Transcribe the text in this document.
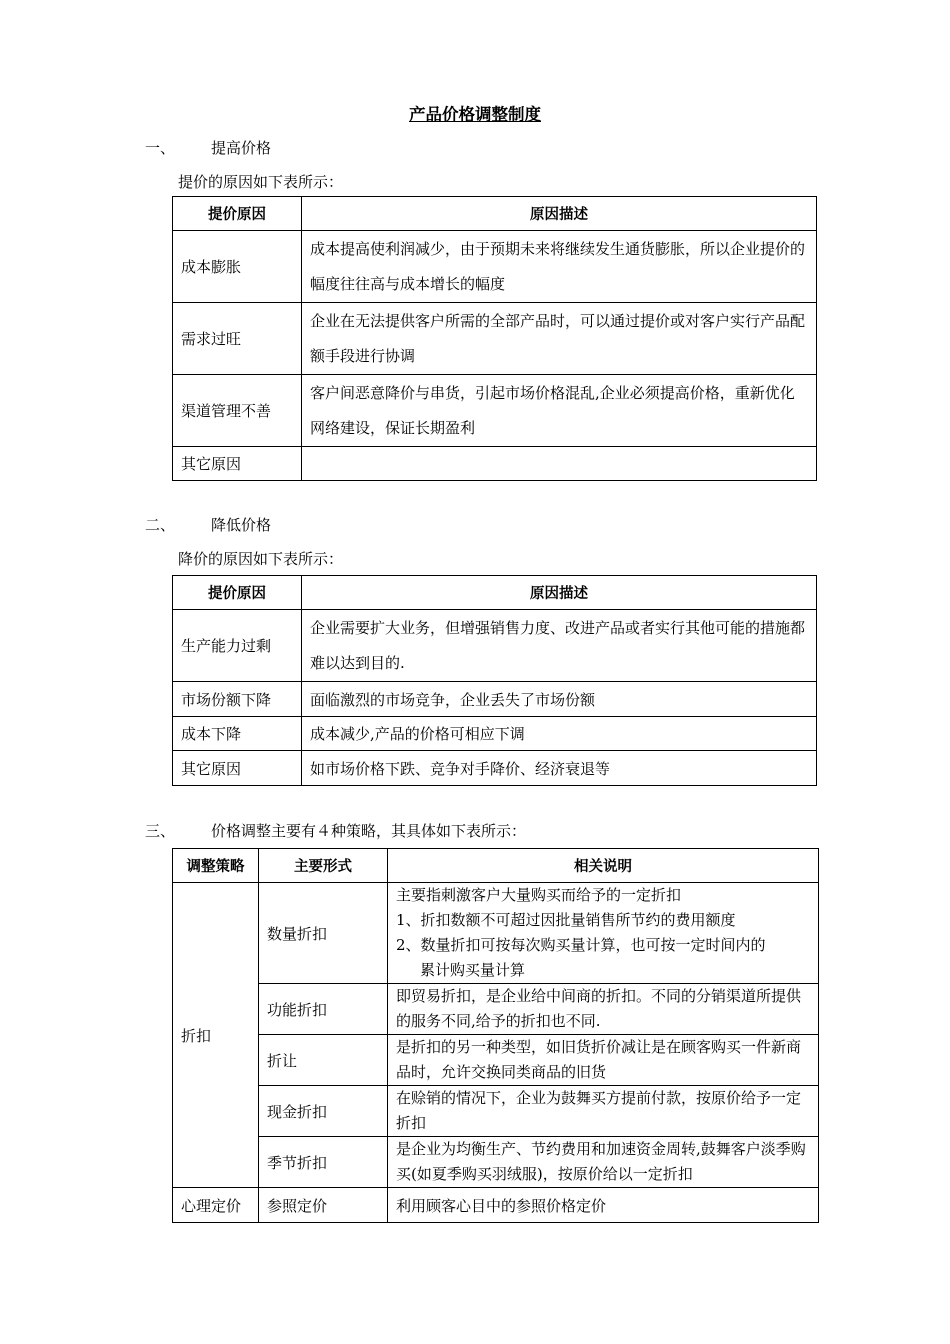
产品价格调整制度
一、 提高价格
提价的原因如下表所示：
提价原因	原因描述
成本膨胀	成本提高使利润减少，由于预期未来将继续发生通货膨胀，所以企业提价的幅度往往高与成本增长的幅度
需求过旺	企业在无法提供客户所需的全部产品时，可以通过提价或对客户实行产品配额手段进行协调
渠道管理不善	客户间恶意降价与串货，引起市场价格混乱,企业必须提高价格，重新优化网络建设，保证长期盈利
其它原因	
二、 降低价格
降价的原因如下表所示：
提价原因	原因描述
生产能力过剩	企业需要扩大业务，但增强销售力度、改进产品或者实行其他可能的措施都难以达到目的.
市场份额下降	面临激烈的市场竞争，企业丢失了市场份额
成本下降	成本减少,产品的价格可相应下调
其它原因	如市场价格下跌、竞争对手降价、经济衰退等
三、 价格调整主要有４种策略，其具体如下表所示：
调整策略	主要形式	相关说明
折扣	数量折扣	主要指刺激客户大量购买而给予的一定折扣
1、折扣数额不可超过因批量销售所节约的费用额度
2、数量折扣可按每次购买量计算，也可按一定时间内的
累计购买量计算

	功能折扣	即贸易折扣，是企业给中间商的折扣。不同的分销渠道所提供的服务不同,给予的折扣也不同.
	折让	是折扣的另一种类型，如旧货折价减让是在顾客购买一件新商品时，允许交换同类商品的旧货
	现金折扣	在赊销的情况下，企业为鼓舞买方提前付款，按原价给予一定折扣
	季节折扣	是企业为均衡生产、节约费用和加速资金周转,鼓舞客户淡季购买(如夏季购买羽绒服)，按原价给以一定折扣
心理定价	参照定价	利用顾客心目中的参照价格定价
